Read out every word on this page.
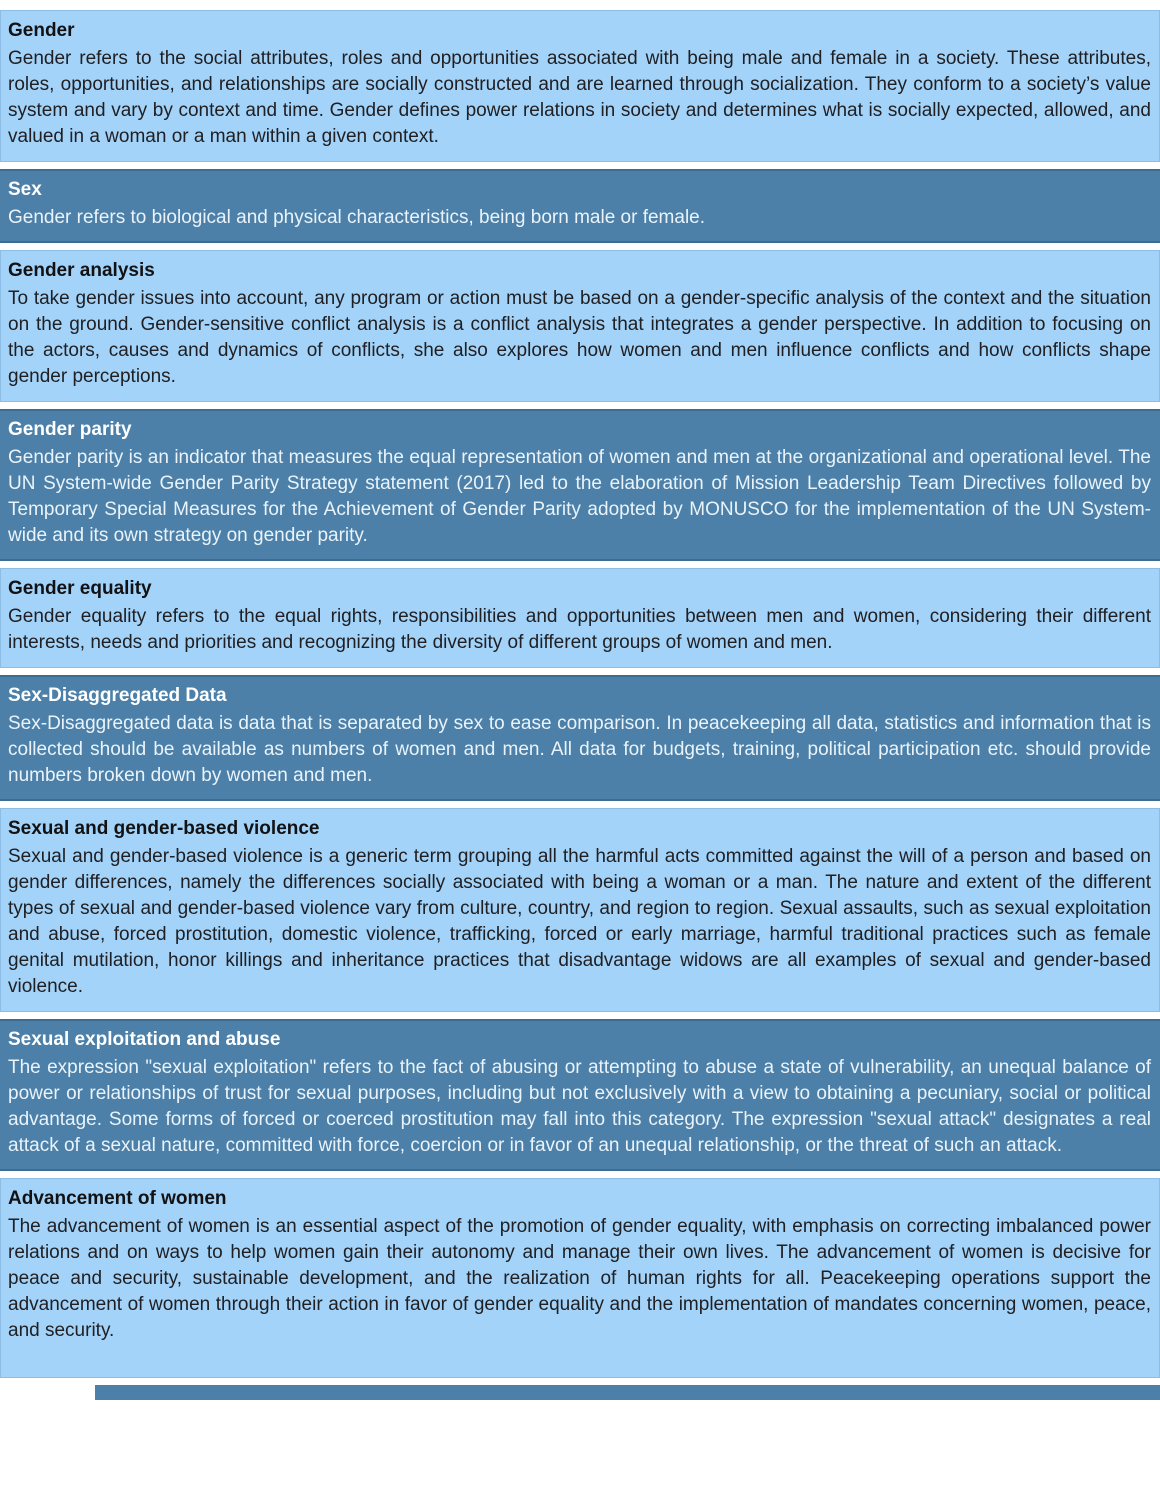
Gender

Gender refers to the social attributes, roles and opportunities associated with being male and female in a society. These attributes, roles, opportunities, and relationships are socially constructed and are learned through socialization. They conform to a society’s value system and vary by context and time. Gender defines power relations in society and determines what is socially expected, allowed, and valued in a woman or a man within a given context.

Sex

Gender refers to biological and physical characteristics, being born male or female.

Gender analysis

To take gender issues into account, any program or action must be based on a gender-specific analysis of the context and the situation on the ground. Gender-sensitive conflict analysis is a conflict analysis that integrates a gender perspective. In addition to focusing on the actors, causes and dynamics of conflicts, she also explores how women and men influence conflicts and how conflicts shape gender perceptions.

Gender parity

Gender parity is an indicator that measures the equal representation of women and men at the organizational and operational level. The UN System-wide Gender Parity Strategy statement (2017) led to the elaboration of Mission Leadership Team Directives followed by Temporary Special Measures for the Achievement of Gender Parity adopted by MONUSCO for the implementation of the UN System-wide and its own strategy on gender parity.

Gender equality

Gender equality refers to the equal rights, responsibilities and opportunities between men and women, considering their different interests, needs and priorities and recognizing the diversity of different groups of women and men.

Sex-Disaggregated Data

Sex-Disaggregated data is data that is separated by sex to ease comparison. In peacekeeping all data, statistics and information that is collected should be available as numbers of women and men. All data for budgets, training, political participation etc. should provide numbers broken down by women and men.

Sexual and gender-based violence

Sexual and gender-based violence is a generic term grouping all the harmful acts committed against the will of a person and based on gender differences, namely the differences socially associated with being a woman or a man. The nature and extent of the different types of sexual and gender-based violence vary from culture, country, and region to region. Sexual assaults, such as sexual exploitation and abuse, forced prostitution, domestic violence, trafficking, forced or early marriage, harmful traditional practices such as female genital mutilation, honor killings and inheritance practices that disadvantage widows are all examples of sexual and gender-based violence.

Sexual exploitation and abuse

The expression "sexual exploitation" refers to the fact of abusing or attempting to abuse a state of vulnerability, an unequal balance of power or relationships of trust for sexual purposes, including but not exclusively with a view to obtaining a pecuniary, social or political advantage. Some forms of forced or coerced prostitution may fall into this category. The expression "sexual attack" designates a real attack of a sexual nature, committed with force, coercion or in favor of an unequal relationship, or the threat of such an attack.

Advancement of women

The advancement of women is an essential aspect of the promotion of gender equality, with emphasis on correcting imbalanced power relations and on ways to help women gain their autonomy and manage their own lives. The advancement of women is decisive for peace and security, sustainable development, and the realization of human rights for all. Peacekeeping operations support the advancement of women through their action in favor of gender equality and the implementation of mandates concerning women, peace, and security.
